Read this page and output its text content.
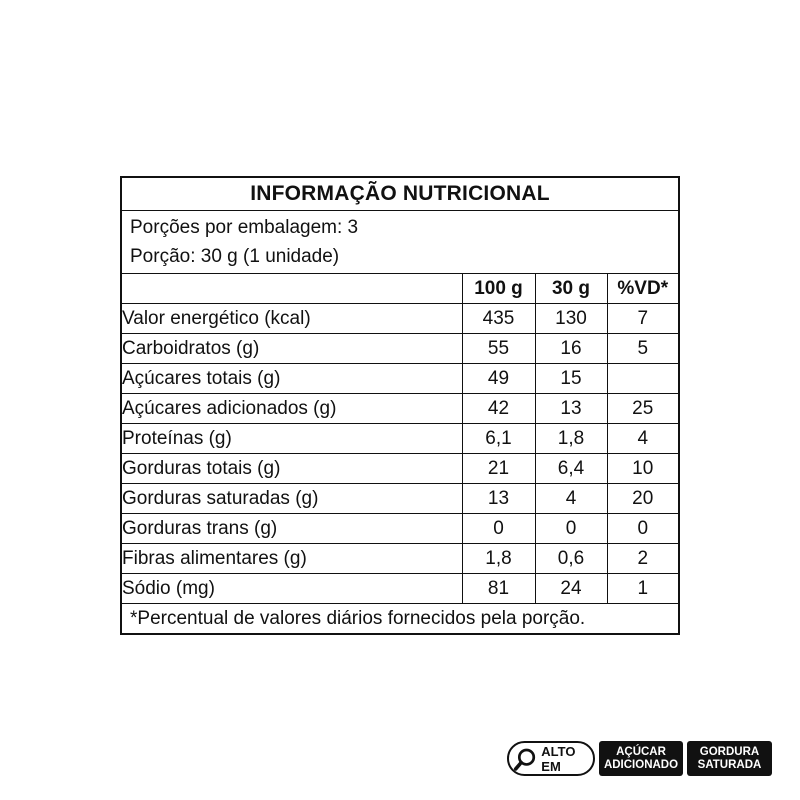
INFORMAÇÃO NUTRICIONAL
Porções por embalagem: 3
Porção: 30 g (1 unidade)
	100 g	30 g	%VD*
Valor energético (kcal)	435	130	7
Carboidratos (g)	55	16	5
Açúcares totais (g)	49	15	
Açúcares adicionados (g)	42	13	25
Proteínas (g)	6,1	1,8	4
Gorduras totais (g)	21	6,4	10
Gorduras saturadas (g)	13	4	20
Gorduras trans (g)	0	0	0
Fibras alimentares (g)	1,8	0,6	2
Sódio (mg)	81	24	1
*Percentual de valores diários fornecidos pela porção.
ALTO EM
AÇÚCAR
ADICIONADO
GORDURA
SATURADA
